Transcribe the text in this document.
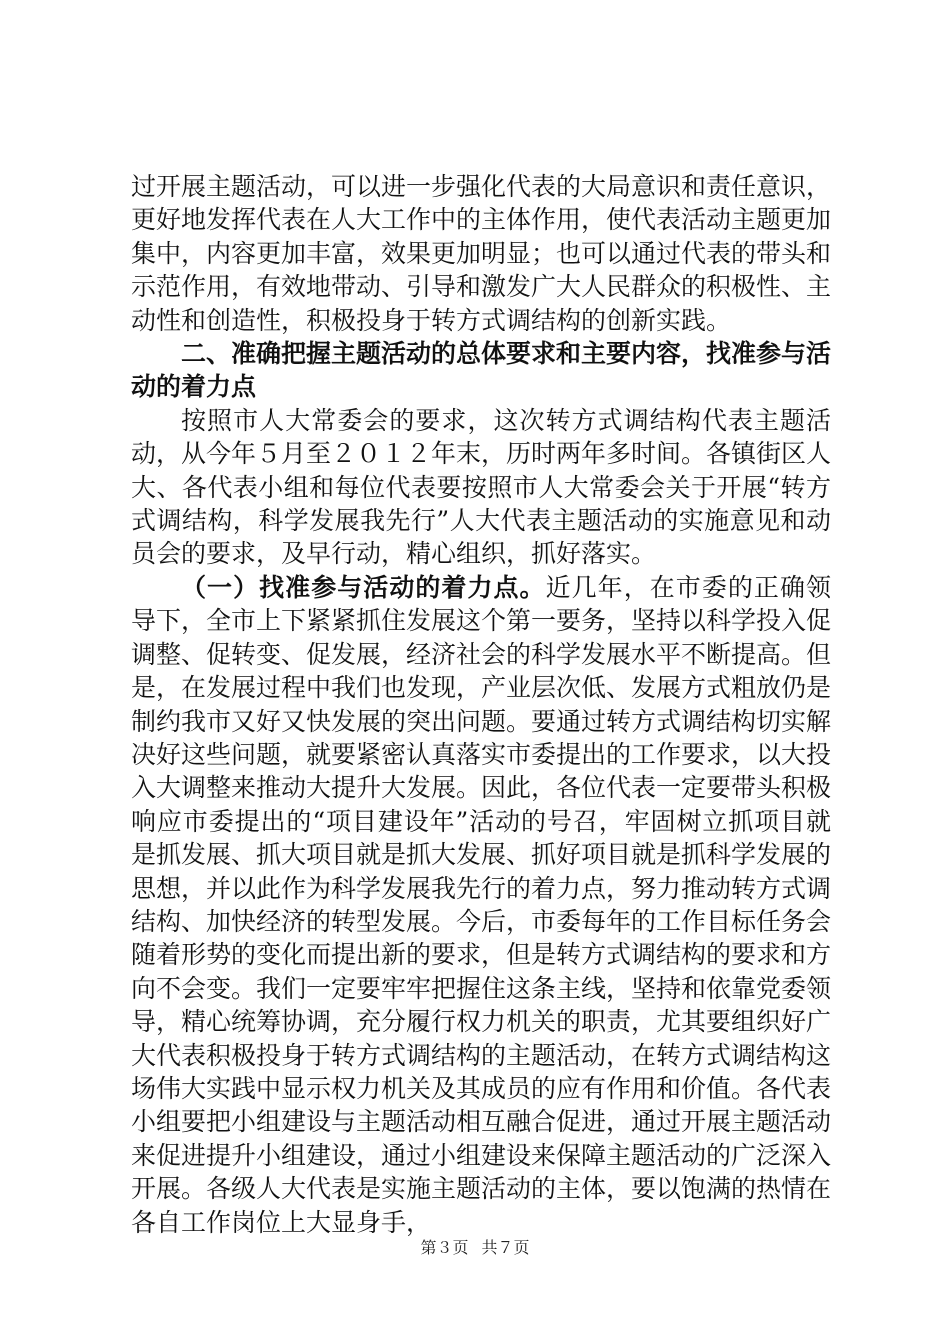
过开展主题活动，可以进一步强化代表的大局意识和责任意识，更好地发挥代表在人大工作中的主体作用，使代表活动主题更加集中，内容更加丰富，效果更加明显；也可以通过代表的带头和示范作用，有效地带动、引导和激发广大人民群众的积极性、主动性和创造性，积极投身于转方式调结构的创新实践。

二、准确把握主题活动的总体要求和主要内容，找准参与活动的着力点

按照市人大常委会的要求，这次转方式调结构代表主题活动，从今年５月至２０１２年末，历时两年多时间。各镇街区人大、各代表小组和每位代表要按照市人大常委会关于开展“转方式调结构，科学发展我先行”人大代表主题活动的实施意见和动员会的要求，及早行动，精心组织，抓好落实。

（一）找准参与活动的着力点。近几年，在市委的正确领导下，全市上下紧紧抓住发展这个第一要务，坚持以科学投入促调整、促转变、促发展，经济社会的科学发展水平不断提高。但是，在发展过程中我们也发现，产业层次低、发展方式粗放仍是制约我市又好又快发展的突出问题。要通过转方式调结构切实解决好这些问题，就要紧密认真落实市委提出的工作要求，以大投入大调整来推动大提升大发展。因此，各位代表一定要带头积极响应市委提出的“项目建设年”活动的号召，牢固树立抓项目就是抓发展、抓大项目就是抓大发展、抓好项目就是抓科学发展的思想，并以此作为科学发展我先行的着力点，努力推动转方式调结构、加快经济的转型发展。今后，市委每年的工作目标任务会随着形势的变化而提出新的要求，但是转方式调结构的要求和方向不会变。我们一定要牢牢把握住这条主线，坚持和依靠党委领导，精心统筹协调，充分履行权力机关的职责，尤其要组织好广大代表积极投身于转方式调结构的主题活动，在转方式调结构这场伟大实践中显示权力机关及其成员的应有作用和价值。各代表小组要把小组建设与主题活动相互融合促进，通过开展主题活动来促进提升小组建设，通过小组建设来保障主题活动的广泛深入开展。各级人大代表是实施主题活动的主体，要以饱满的热情在各自工作岗位上大显身手，

第３页 共７页
